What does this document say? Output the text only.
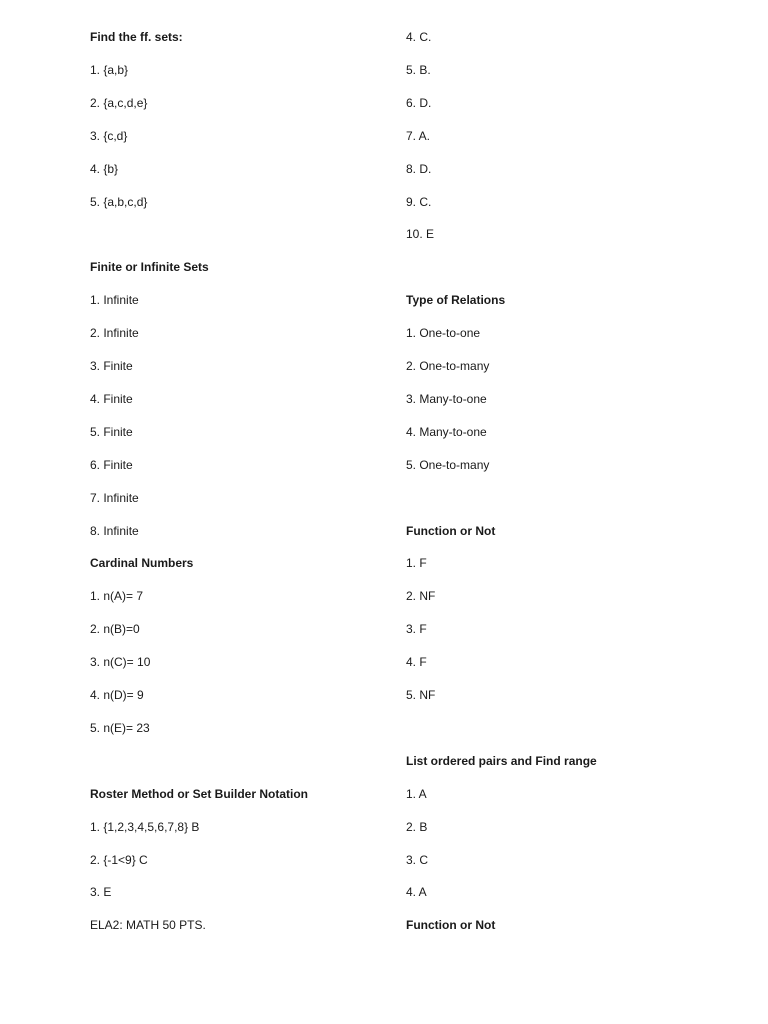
Find the ff. sets:
1. {a,b}
2. {a,c,d,e}
3. {c,d}
4. {b}
5. {a,b,c,d}
Finite or Infinite Sets
1. Infinite
2. Infinite
3. Finite
4. Finite
5. Finite
6. Finite
7. Infinite
8. Infinite
Cardinal Numbers
1. n(A)= 7
2. n(B)=0
3. n(C)= 10
4. n(D)= 9
5. n(E)= 23
Roster Method or Set Builder Notation
1. {1,2,3,4,5,6,7,8} B
2. {-1<9} C
3. E
ELA2: MATH 50 PTS.
4. C.
5. B.
6. D.
7. A.
8. D.
9. C.
10. E
Type of Relations
1. One-to-one
2. One-to-many
3. Many-to-one
4. Many-to-one
5. One-to-many
Function or Not
1. F
2. NF
3. F
4. F
5. NF
List ordered pairs and Find range
1. A
2. B
3. C
4. A
Function or Not
